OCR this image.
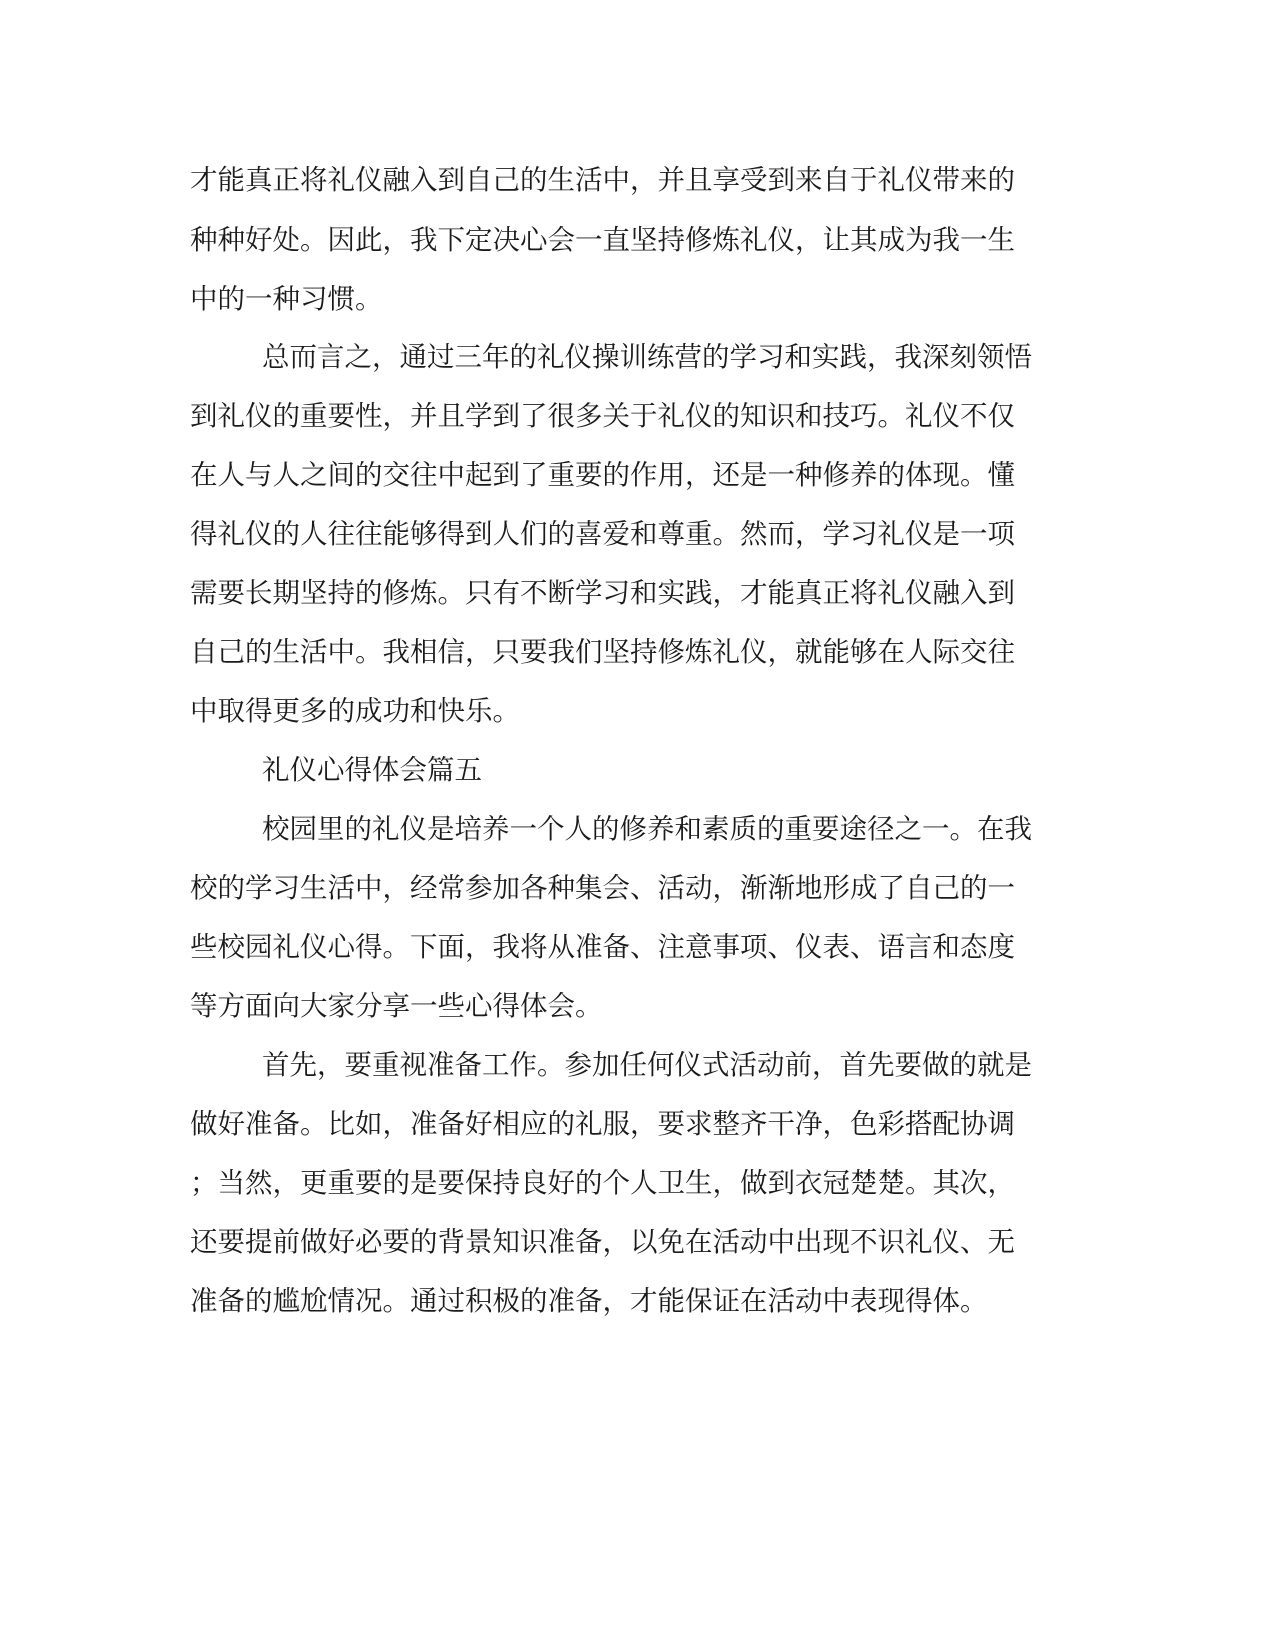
才能真正将礼仪融入到自己的生活中，并且享受到来自于礼仪带来的
种种好处。因此，我下定决心会一直坚持修炼礼仪，让其成为我一生
中的一种习惯。
总而言之，通过三年的礼仪操训练营的学习和实践，我深刻领悟
到礼仪的重要性，并且学到了很多关于礼仪的知识和技巧。礼仪不仅
在人与人之间的交往中起到了重要的作用，还是一种修养的体现。懂
得礼仪的人往往能够得到人们的喜爱和尊重。然而，学习礼仪是一项
需要长期坚持的修炼。只有不断学习和实践，才能真正将礼仪融入到
自己的生活中。我相信，只要我们坚持修炼礼仪，就能够在人际交往
中取得更多的成功和快乐。
礼仪心得体会篇五
校园里的礼仪是培养一个人的修养和素质的重要途径之一。在我
校的学习生活中，经常参加各种集会、活动，渐渐地形成了自己的一
些校园礼仪心得。下面，我将从准备、注意事项、仪表、语言和态度
等方面向大家分享一些心得体会。
首先，要重视准备工作。参加任何仪式活动前，首先要做的就是
做好准备。比如，准备好相应的礼服，要求整齐干净，色彩搭配协调
；当然，更重要的是要保持良好的个人卫生，做到衣冠楚楚。其次，
还要提前做好必要的背景知识准备，以免在活动中出现不识礼仪、无
准备的尴尬情况。通过积极的准备，才能保证在活动中表现得体。
